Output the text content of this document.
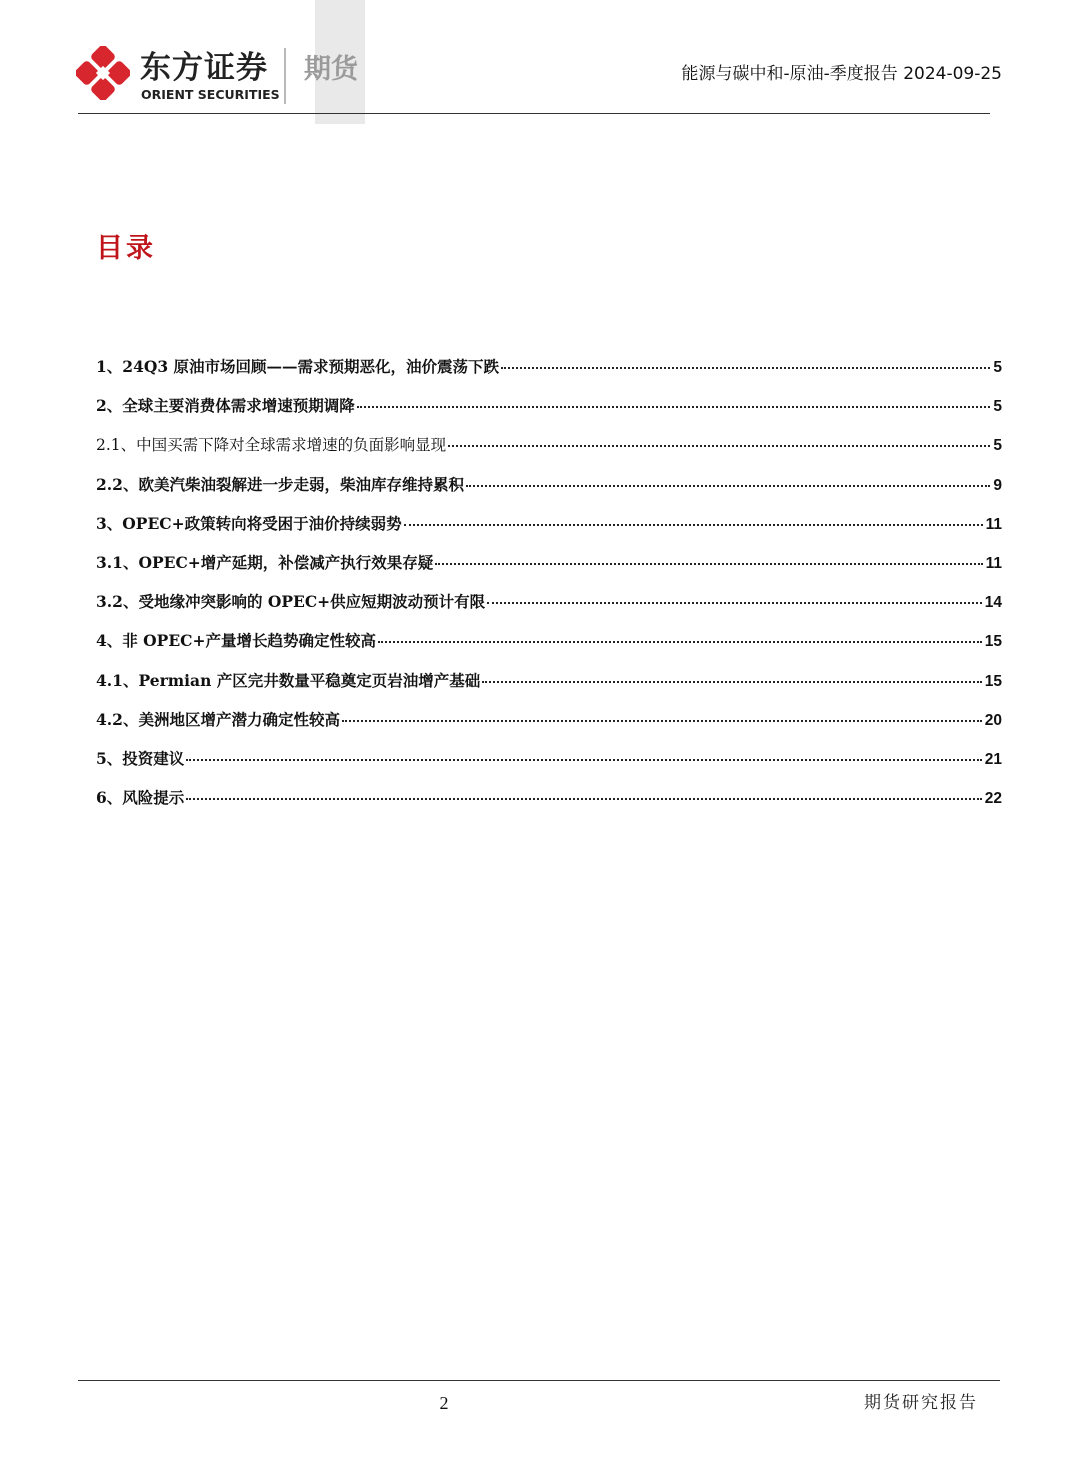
东方证券
ORIENT SECURITIES
期货	能源与碳中和-原油-季度报告 2024-09-25
目录
1、24Q3 原油市场回顾——需求预期恶化，油价震荡下跌	5
2、全球主要消费体需求增速预期调降	5
2.1、中国买需下降对全球需求增速的负面影响显现	5
2.2、欧美汽柴油裂解进一步走弱，柴油库存维持累积	9
3、OPEC+政策转向将受困于油价持续弱势	11
3.1、OPEC+增产延期，补偿减产执行效果存疑	11
3.2、受地缘冲突影响的 OPEC+供应短期波动预计有限	14
4、非 OPEC+产量增长趋势确定性较高	15
4.1、Permian 产区完井数量平稳奠定页岩油增产基础	15
4.2、美洲地区增产潜力确定性较高	20
5、投资建议	21
6、风险提示	22
2	期货研究报告
